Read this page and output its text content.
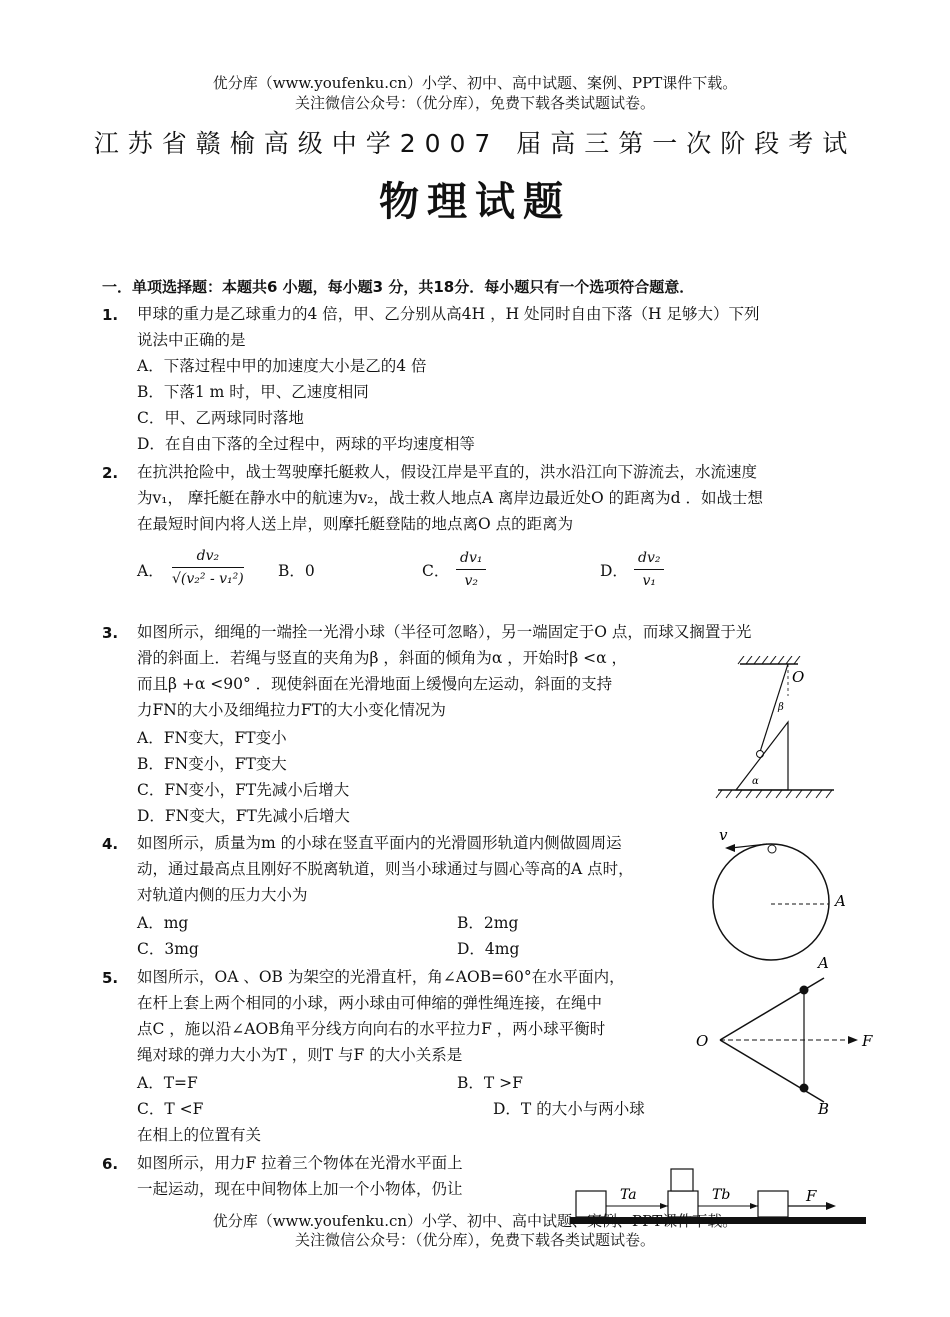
优分库（www.youfenku.cn）小学、初中、高中试题、案例、PPT课件下载。
关注微信公众号：（优分库），免费下载各类试题试卷。
江苏省赣榆高级中学2007 届高三第一次阶段考试
物理试题
一．单项选择题：本题共6 小题，每小题3 分，共18分．每小题只有一个选项符合题意．
1. 甲球的重力是乙球重力的4 倍，甲、乙分别从高4H ，H 处同时自由下落（H 足够大）下列
说法中正确的是
A．下落过程中甲的加速度大小是乙的4 倍
B．下落1 m 时，甲、乙速度相同
C．甲、乙两球同时落地
D．在自由下落的全过程中，两球的平均速度相等
2. 在抗洪抢险中，战士驾驶摩托艇救人，假设江岸是平直的，洪水沿江向下游流去，水流速度
为v₁， 摩托艇在静水中的航速为v₂，战士救人地点A 离岸边最近处O 的距离为d ．如战士想
在最短时间内将人送上岸，则摩托艇登陆的地点离O 点的距离为
A． $\frac{\text{dv₂}}{\text{√(v₂² - v₁²)}}$ B．0	C． $\frac{\text{dv₁}}{\text{v₂}}$	D． $\frac{\text{dv₂}}{\text{v₁}}$
3. 如图所示，细绳的一端拴一光滑小球（半径可忽略），另一端固定于O 点，而球又搁置于光
滑的斜面上．若绳与竖直的夹角为β ，斜面的倾角为α ，开始时β <α ，
而且β +α <90° ．现使斜面在光滑地面上缓慢向左运动，斜面的支持
力FN的大小及细绳拉力FT的大小变化情况为
A．FN变大，FT变小
B．FN变小，FT变大
C．FN变小，FT先减小后增大
D．FN变大，FT先减小后增大
O
β
α
4. 如图所示，质量为m 的小球在竖直平面内的光滑圆形轨道内侧做圆周运
动，通过最高点且刚好不脱离轨道，则当小球通过与圆心等高的A 点时，
对轨道内侧的压力大小为
A．mg	B．2mg
C．3mg	D．4mg
v
A
5. 如图所示，OA 、OB 为架空的光滑直杆，角∠AOB=60°在水平面内，
在杆上套上两个相同的小球，两小球由可伸缩的弹性绳连接，在绳中
点C ，施以沿∠AOB角平分线方向向右的水平拉力F ，两小球平衡时
绳对球的弹力大小为T ，则T 与F 的大小关系是
A．T=F	B．T >F
C．T <F	D．T 的大小与两小球
在相上的位置有关
A
O	F
B
6. 如图所示，用力F 拉着三个物体在光滑水平面上
一起运动，现在中间物体上加一个小物体，仍让	Ta	Tb	F
优分库（www.youfenku.cn）小学、初中、高中试题、案例、PPT课件下载。
关注微信公众号：（优分库），免费下载各类试题试卷。
